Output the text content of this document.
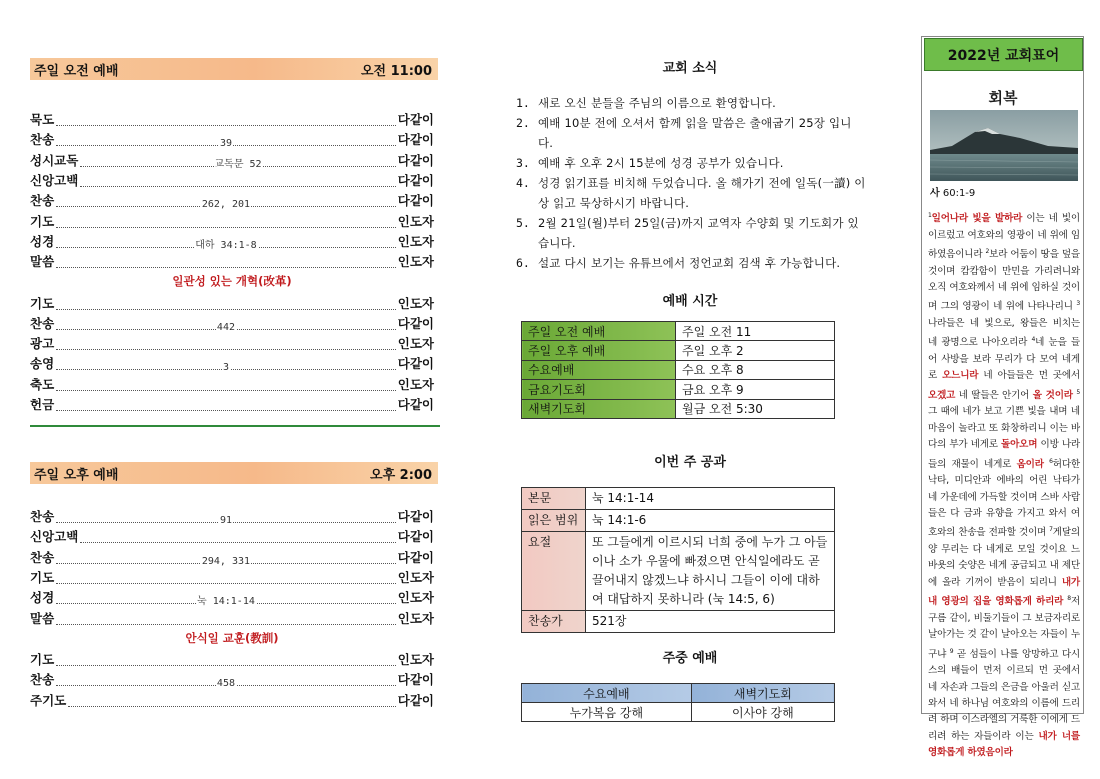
주일 오전 예배	오전 11:00
묵도	다같이
찬송	39	다같이
성시교독	교독문 52	다같이
신앙고백	다같이
찬송	262, 201	다같이
기도	인도자
성경	대하 34:1-8	인도자
말씀	인도자
일관성 있는 개혁(改革)
기도	인도자
찬송	442	다같이
광고	인도자
송영	3	다같이
축도	인도자
헌금	다같이
주일 오후 예배	오후 2:00
찬송	91	다같이
신앙고백	다같이
찬송	294, 331	다같이
기도	인도자
성경	눅 14:1-14	인도자
말씀	인도자
안식일 교훈(教訓)
기도	인도자
찬송	458	다같이
주기도	다같이
교회 소식
1. 새로 오신 분들을 주님의 이름으로 환영합니다.
2. 예배 10분 전에 오셔서 함께 읽을 말씀은 출애굽기 25장 입니다.
3. 예배 후 오후 2시 15분에 성경 공부가 있습니다.
4. 성경 읽기표를 비치해 두었습니다. 올 해가기 전에 일독(一讀) 이상 읽고 묵상하시기 바랍니다.
5. 2월 21일(월)부터 25일(금)까지 교역자 수양회 및 기도회가 있습니다.
6. 설교 다시 보기는 유튜브에서 정언교회 검색 후 가능합니다.
예배 시간
주일 오전 예배	주일 오전 11
주일 오후 예배	주일 오후 2
수요예배	수요 오후 8
금요기도회	금요 오후 9
새벽기도회	월금 오전 5:30
이번 주 공과
본문	눅 14:1-14
읽은 범위	눅 14:1-6
요절	또 그들에게 이르시되 너희 중에 누가 그 아들이나 소가 우물에 빠졌으면 안식일에라도 곧 끌어내지 않겠느냐 하시니 그들이 이에 대하여 대답하지 못하니라 (눅 14:5, 6)
찬송가	521장
주중 예배
수요예배	새벽기도회
누가복음 강해	이사야 강해
2022년 교회표어
회복
사 60:1-9
$^1$일어나라 빛을 발하라 이는 네 빛이 이르렀고 여호와의 영광이 네 위에 임하였음이니라 $^2$보라 어둠이 땅을 덮을 것이며 캄캄함이 만민을 가리려니와 오직 여호와께서 네 위에 임하실 것이며 그의 영광이 네 위에 나타나리니 $^3$나라들은 네 빛으로, 왕들은 비치는 네 광명으로 나아오리라 $^4$네 눈을 들어 사방을 보라 무리가 다 모여 네게로 오느니라 네 아들들은 먼 곳에서 오겠고 네 딸들은 안기어 올 것이라 $^5$그 때에 네가 보고 기쁜 빛을 내며 네 마음이 놀라고 또 화창하리니 이는 바다의 부가 네게로 돌아오며 이방 나라들의 재물이 네게로 옴이라 $^6$허다한 낙타, 미디안과 에바의 어린 낙타가 네 가운데에 가득할 것이며 스바 사람들은 다 금과 유향을 가지고 와서 여호와의 찬송을 전파할 것이며 $^7$게달의 양 무리는 다 네게로 모일 것이요 느바욧의 숫양은 네게 공급되고 내 제단에 올라 기꺼이 받음이 되리니 내가 내 영광의 집을 영화롭게 하리라 $^8$저 구름 같이, 비둘기들이 그 보금자리로 날아가는 것 같이 날아오는 자들이 누구냐 $^9$ 곧 섬들이 나를 앙망하고 다시스의 배들이 먼저 이르되 먼 곳에서 네 자손과 그들의 은금을 아울러 싣고 와서 네 하나님 여호와의 이름에 드리려 하며 이스라엘의 거룩한 이에게 드리려 하는 자들이라 이는 내가 너를 영화롭게 하였음이라
